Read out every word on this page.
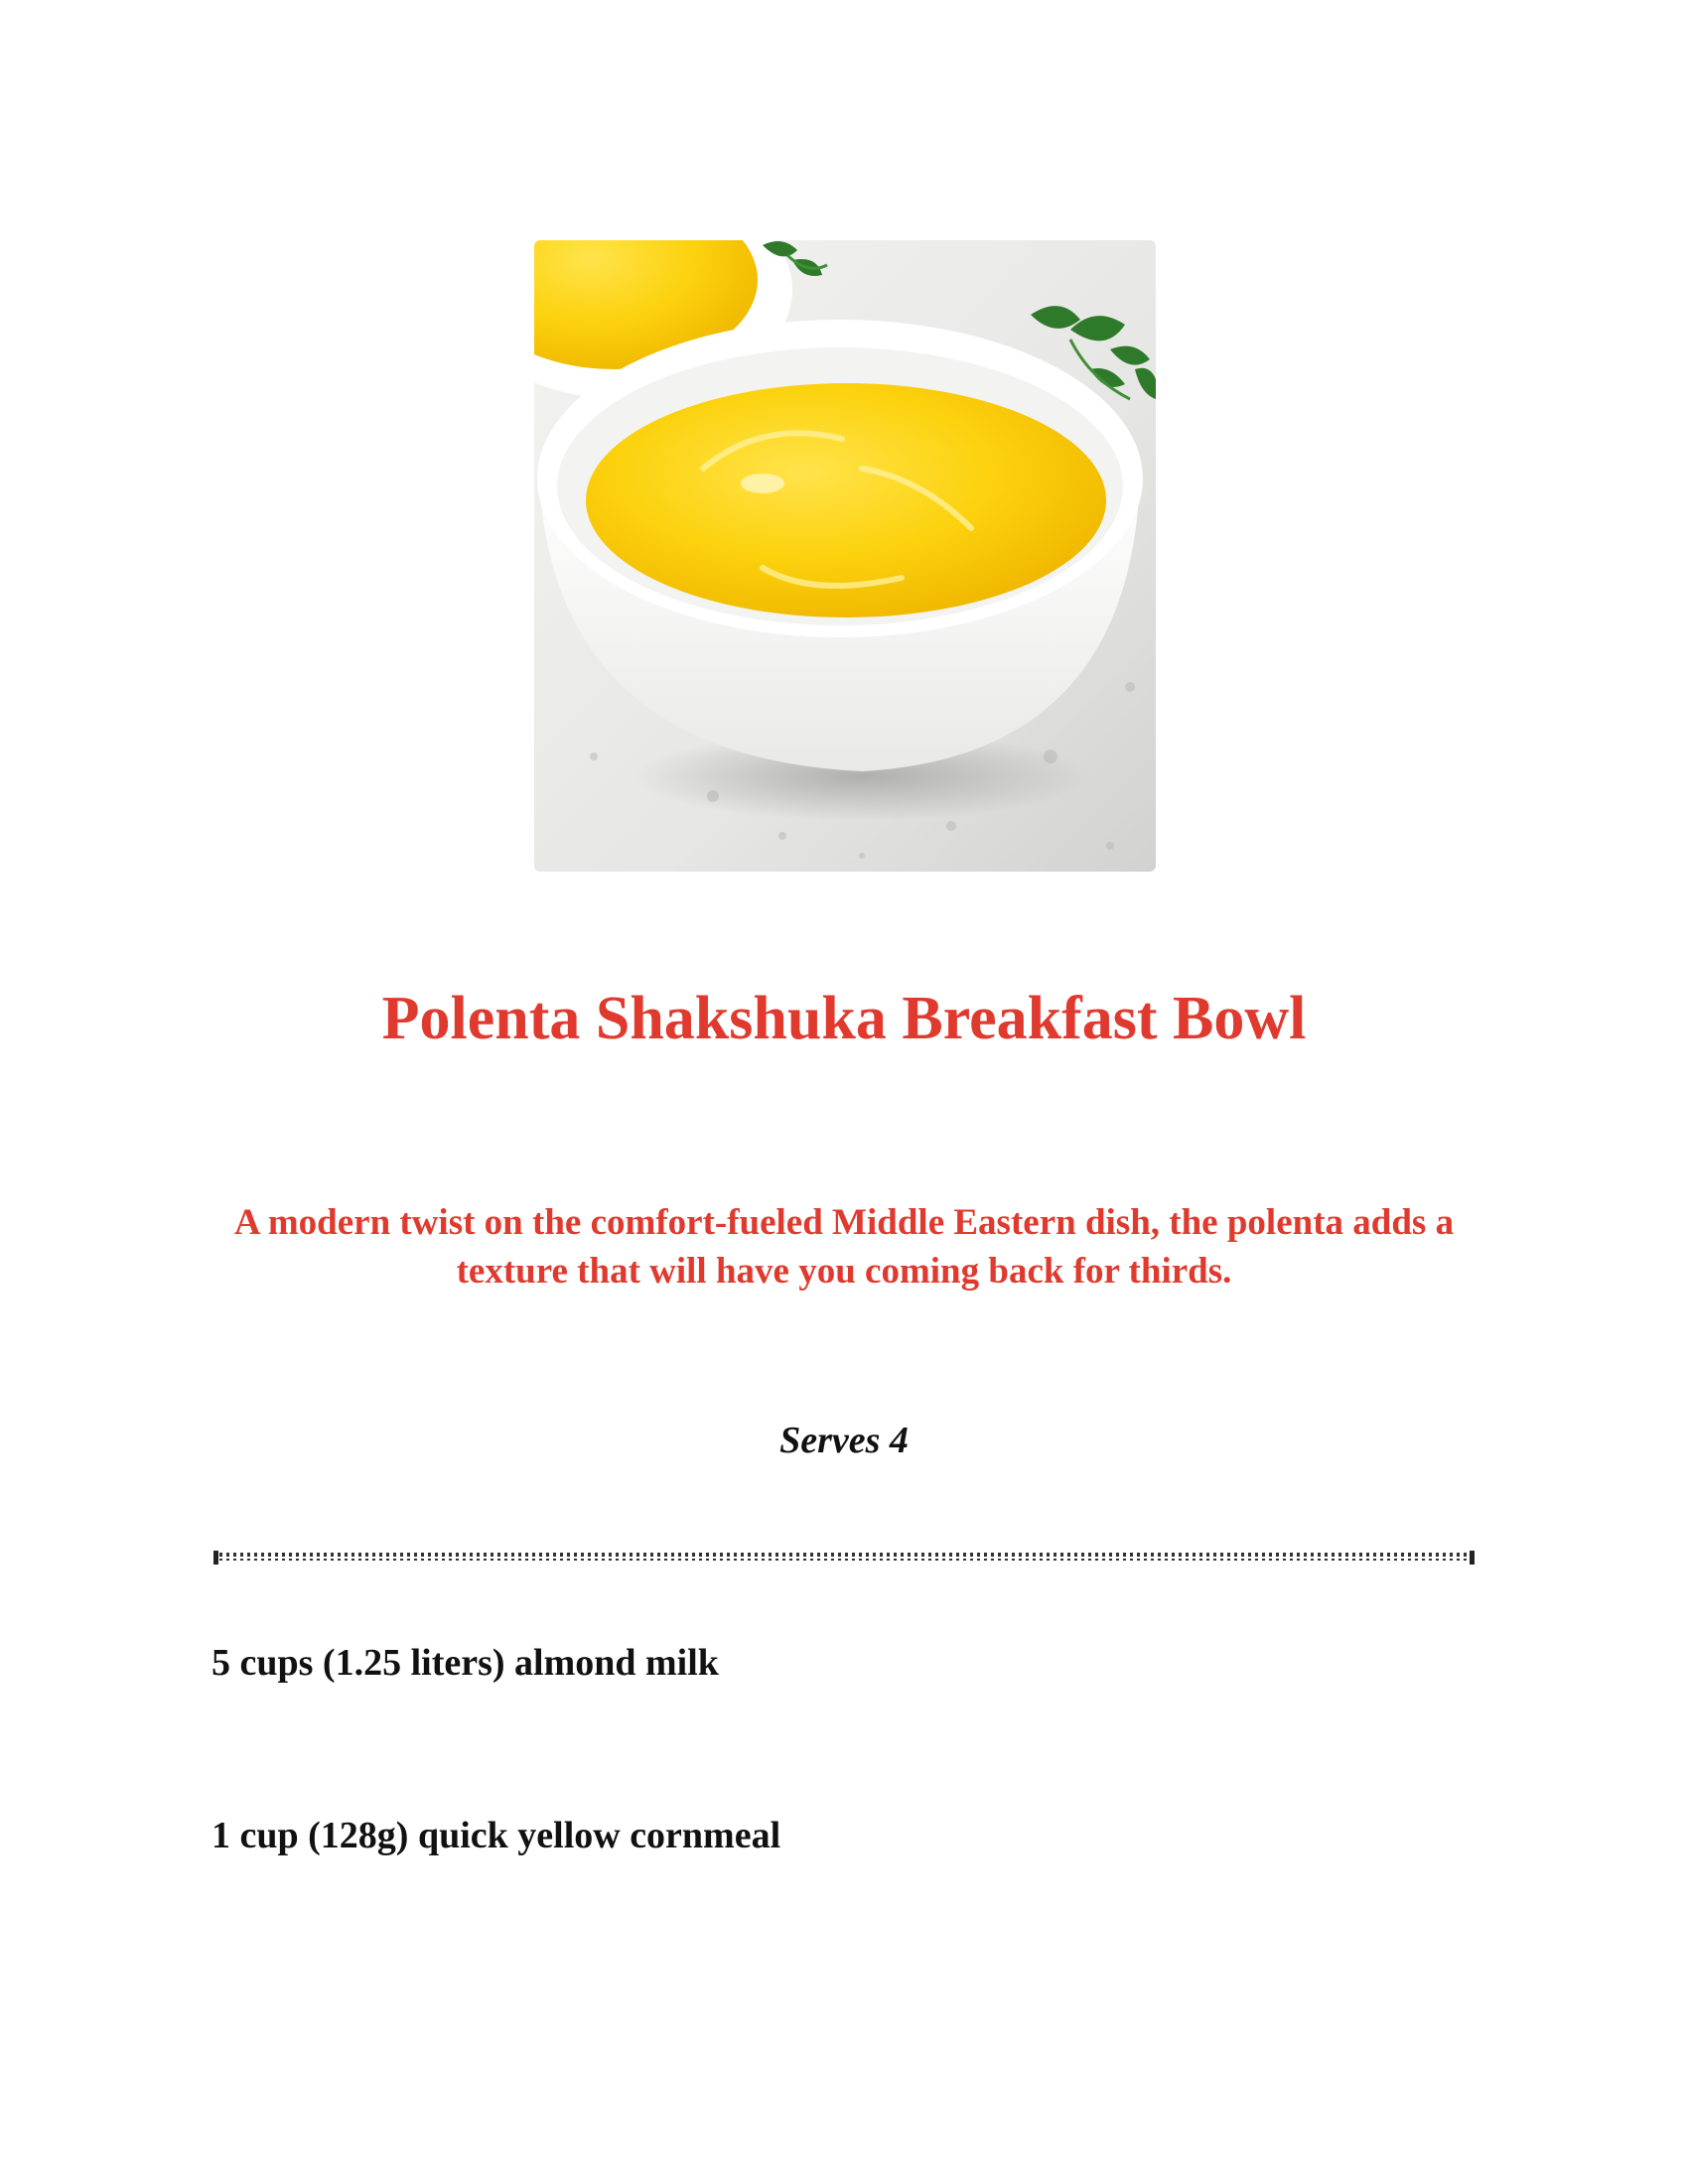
Polenta Shakshuka Breakfast Bowl

A modern twist on the comfort-fueled Middle Eastern dish, the polenta adds a texture that will have you coming back for thirds.

Serves 4

5 cups (1.25 liters) almond milk

1 cup (128g) quick yellow cornmeal
